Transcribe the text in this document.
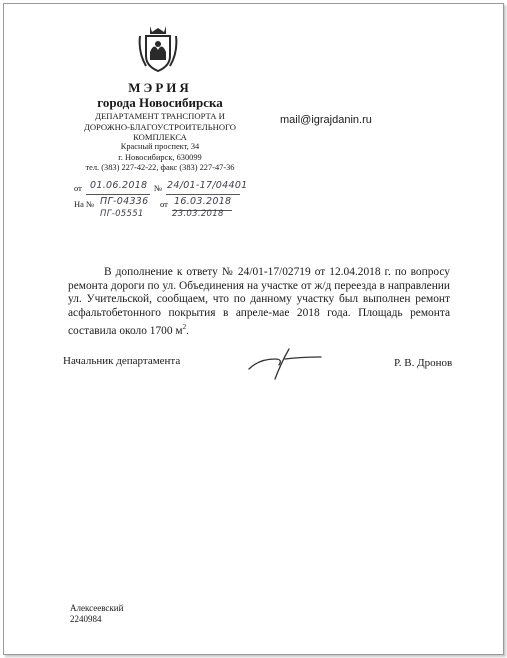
МЭРИЯ
города Новосибирска
ДЕПАРТАМЕНТ ТРАНСПОРТА И
ДОРОЖНО-БЛАГОУСТРОИТЕЛЬНОГО
КОМПЛЕКСА
Красный проспект, 34
г. Новосибирск, 630099
тел. (383) 227-42-22, факс (383) 227-47-36
mail@igrajdanin.ru
от 01.06.2018 № 24/01-17/04401
На № ПГ-04336
ПГ-05551
от 16.03.2018
23.03.2018
В дополнение к ответу № 24/01-17/02719 от 12.04.2018 г. по вопросу ремонта дороги по ул. Объединения на участке от ж/д переезда в направлении ул. Учительской, сообщаем, что по данному участку был выполнен ремонт асфальтобетонного покрытия в апреле-мае 2018 года. Площадь ремонта составила около 1700 $м^2$.
Начальник департамента	Р. В. Дронов
Алексеевский
2240984
